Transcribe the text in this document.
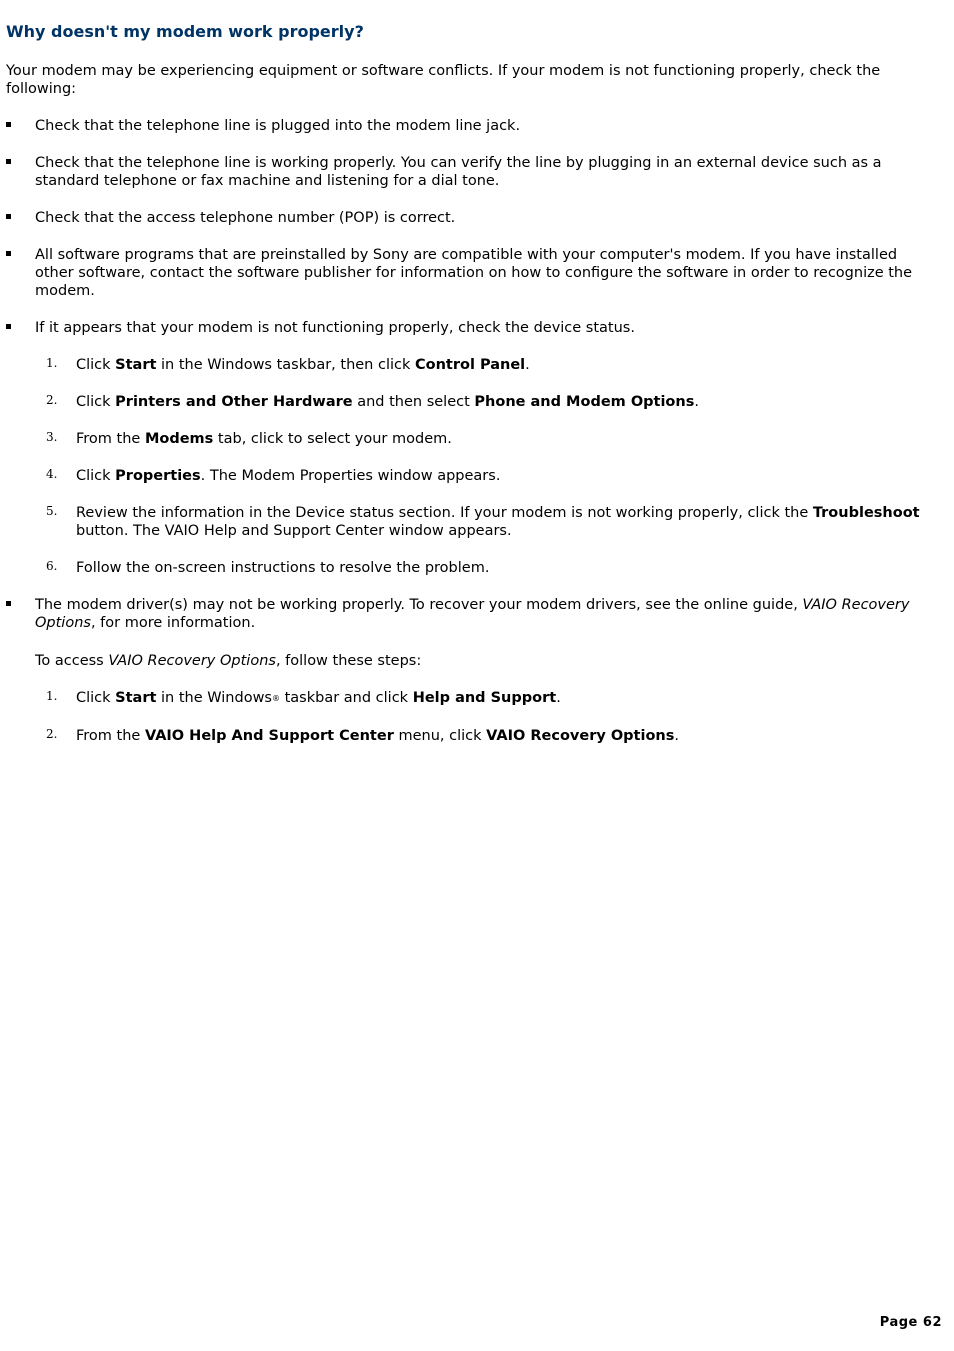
Why doesn't my modem work properly?

Your modem may be experiencing equipment or software conflicts. If your modem is not functioning properly, check the following:

Check that the telephone line is plugged into the modem line jack.
Check that the telephone line is working properly. You can verify the line by plugging in an external device such as a standard telephone or fax machine and listening for a dial tone.
Check that the access telephone number (POP) is correct.
All software programs that are preinstalled by Sony are compatible with your computer's modem. If you have installed other software, contact the software publisher for information on how to configure the software in order to recognize the modem.
If it appears that your modem is not functioning properly, check the device status.
1. Click Start in the Windows taskbar, then click Control Panel.
2. Click Printers and Other Hardware and then select Phone and Modem Options.
3. From the Modems tab, click to select your modem.
4. Click Properties. The Modem Properties window appears.
5. Review the information in the Device status section. If your modem is not working properly, click the Troubleshoot button. The VAIO Help and Support Center window appears.
6. Follow the on-screen instructions to resolve the problem.
The modem driver(s) may not be working properly. To recover your modem drivers, see the online guide, VAIO Recovery Options, for more information.

To access VAIO Recovery Options, follow these steps:

1. Click Start in the Windows® taskbar and click Help and Support.
2. From the VAIO Help And Support Center menu, click VAIO Recovery Options.
Page 62
